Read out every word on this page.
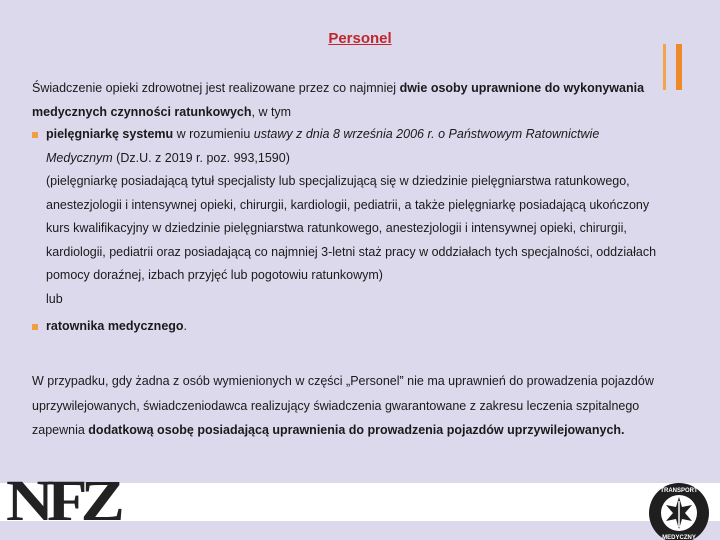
Personel
Świadczenie opieki zdrowotnej jest realizowane przez co najmniej dwie osoby uprawnione do wykonywania
medycznych czynności ratunkowych, w tym
pielęgniarkę systemu w rozumieniu ustawy z dnia 8 września 2006 r. o Państwowym Ratownictwie
Medycznym (Dz.U. z 2019 r. poz. 993,1590)
(pielęgniarkę posiadającą tytuł specjalisty lub specjalizującą się w dziedzinie pielęgniarstwa ratunkowego,
anestezjologii i intensywnej opieki, chirurgii, kardiologii, pediatrii, a także pielęgniarkę posiadającą ukończony
kurs kwalifikacyjny w dziedzinie pielęgniarstwa ratunkowego, anestezjologii i intensywnej opieki, chirurgii,
kardiologii, pediatrii oraz posiadającą co najmniej 3-letni staż pracy w oddziałach tych specjalności, oddziałach
pomocy doraźnej, izbach przyjęć lub pogotowiu ratunkowym)
lub
ratownika medycznego.
W przypadku, gdy żadna z osób wymienionych w części „Personel” nie ma uprawnień do prowadzenia pojazdów
uprzywilejowanych, świadczeniodawca realizujący świadczenia gwarantowane z zakresu leczenia szpitalnego
zapewnia dodatkową osobę posiadającą uprawnienia do prowadzenia pojazdów uprzywilejowanych.
NFZ	TRANSPORT
MEDYCZNY
